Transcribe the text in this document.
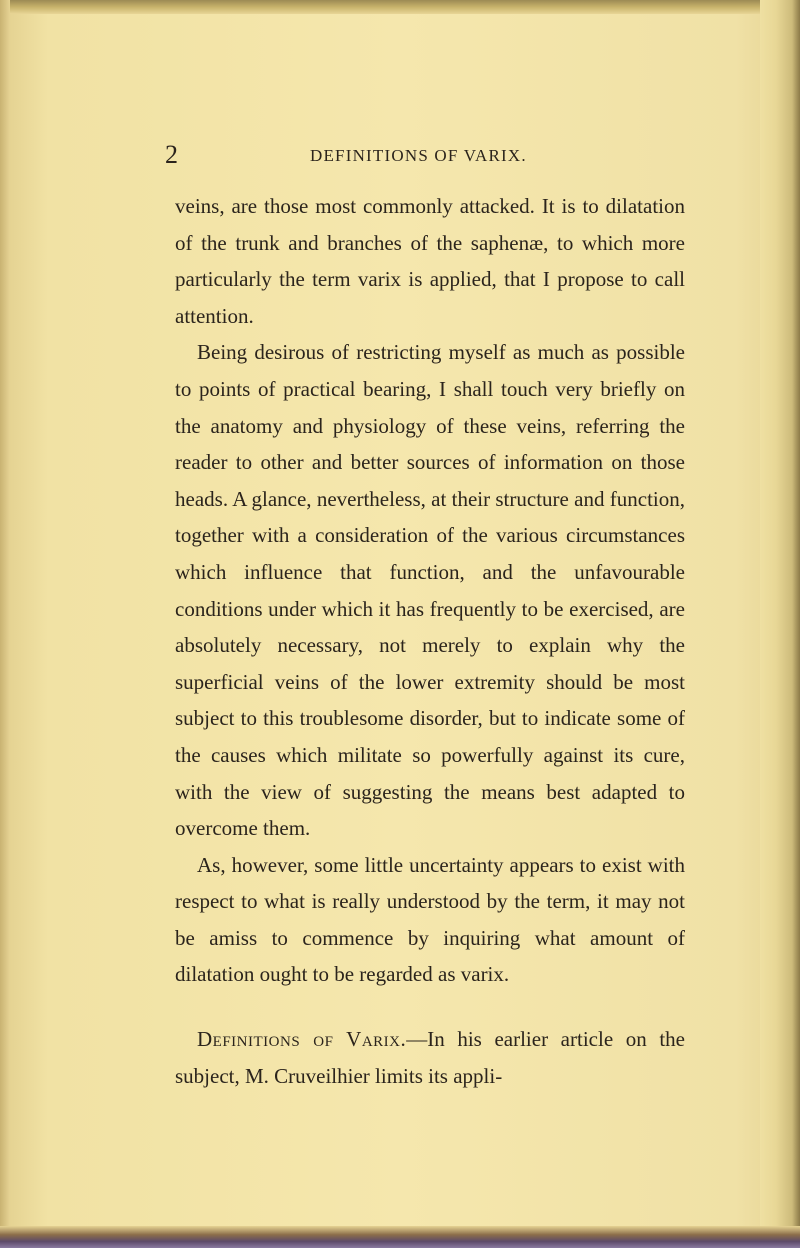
2	DEFINITIONS OF VARIX.

veins, are those most commonly attacked. It is to dilatation of the trunk and branches of the saphenæ, to which more particularly the term varix is applied, that I propose to call attention.

Being desirous of restricting myself as much as possible to points of practical bearing, I shall touch very briefly on the anatomy and physiology of these veins, referring the reader to other and better sources of information on those heads. A glance, nevertheless, at their structure and function, together with a consideration of the various circumstances which influence that function, and the unfavourable conditions under which it has frequently to be exercised, are absolutely necessary, not merely to explain why the superficial veins of the lower extremity should be most subject to this troublesome disorder, but to indicate some of the causes which militate so powerfully against its cure, with the view of suggesting the means best adapted to overcome them.

As, however, some little uncertainty appears to exist with respect to what is really understood by the term, it may not be amiss to commence by inquiring what amount of dilatation ought to be regarded as varix.

Definitions of Varix.—In his earlier article on the subject, M. Cruveilhier limits its appli-
